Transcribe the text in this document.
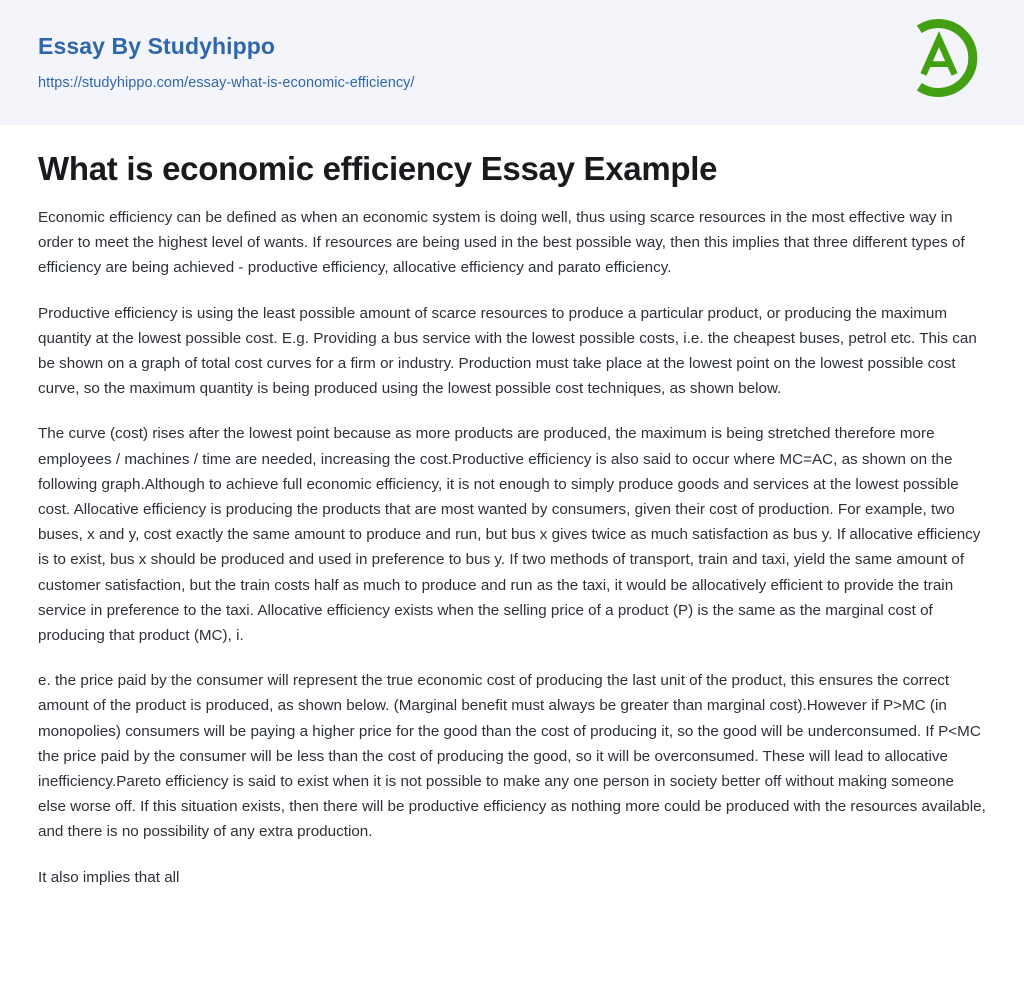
Essay By Studyhippo
https://studyhippo.com/essay-what-is-economic-efficiency/
What is economic efficiency Essay Example

Economic efficiency can be defined as when an economic system is doing well, thus using scarce resources in the most effective way in order to meet the highest level of wants. If resources are being used in the best possible way, then this implies that three different types of efficiency are being achieved - productive efficiency, allocative efficiency and parato efficiency.

Productive efficiency is using the least possible amount of scarce resources to produce a particular product, or producing the maximum quantity at the lowest possible cost. E.g. Providing a bus service with the lowest possible costs, i.e. the cheapest buses, petrol etc. This can be shown on a graph of total cost curves for a firm or industry. Production must take place at the lowest point on the lowest possible cost curve, so the maximum quantity is being produced using the lowest possible cost techniques, as shown below.

The curve (cost) rises after the lowest point because as more products are produced, the maximum is being stretched therefore more employees / machines / time are needed, increasing the cost.Productive efficiency is also said to occur where MC=AC, as shown on the following graph.Although to achieve full economic efficiency, it is not enough to simply produce goods and services at the lowest possible cost. Allocative efficiency is producing the products that are most wanted by consumers, given their cost of production. For example, two buses, x and y, cost exactly the same amount to produce and run, but bus x gives twice as much satisfaction as bus y. If allocative efficiency is to exist, bus x should be produced and used in preference to bus y. If two methods of transport, train and taxi, yield the same amount of customer satisfaction, but the train costs half as much to produce and run as the taxi, it would be allocatively efficient to provide the train service in preference to the taxi. Allocative efficiency exists when the selling price of a product (P) is the same as the marginal cost of producing that product (MC), i.

e. the price paid by the consumer will represent the true economic cost of producing the last unit of the product, this ensures the correct amount of the product is produced, as shown below. (Marginal benefit must always be greater than marginal cost).However if P>MC (in monopolies) consumers will be paying a higher price for the good than the cost of producing it, so the good will be underconsumed. If P<MC the price paid by the consumer will be less than the cost of producing the good, so it will be overconsumed. These will lead to allocative inefficiency.Pareto efficiency is said to exist when it is not possible to make any one person in society better off without making someone else worse off. If this situation exists, then there will be productive efficiency as nothing more could be produced with the resources available, and there is no possibility of any extra production.

It also implies that all
